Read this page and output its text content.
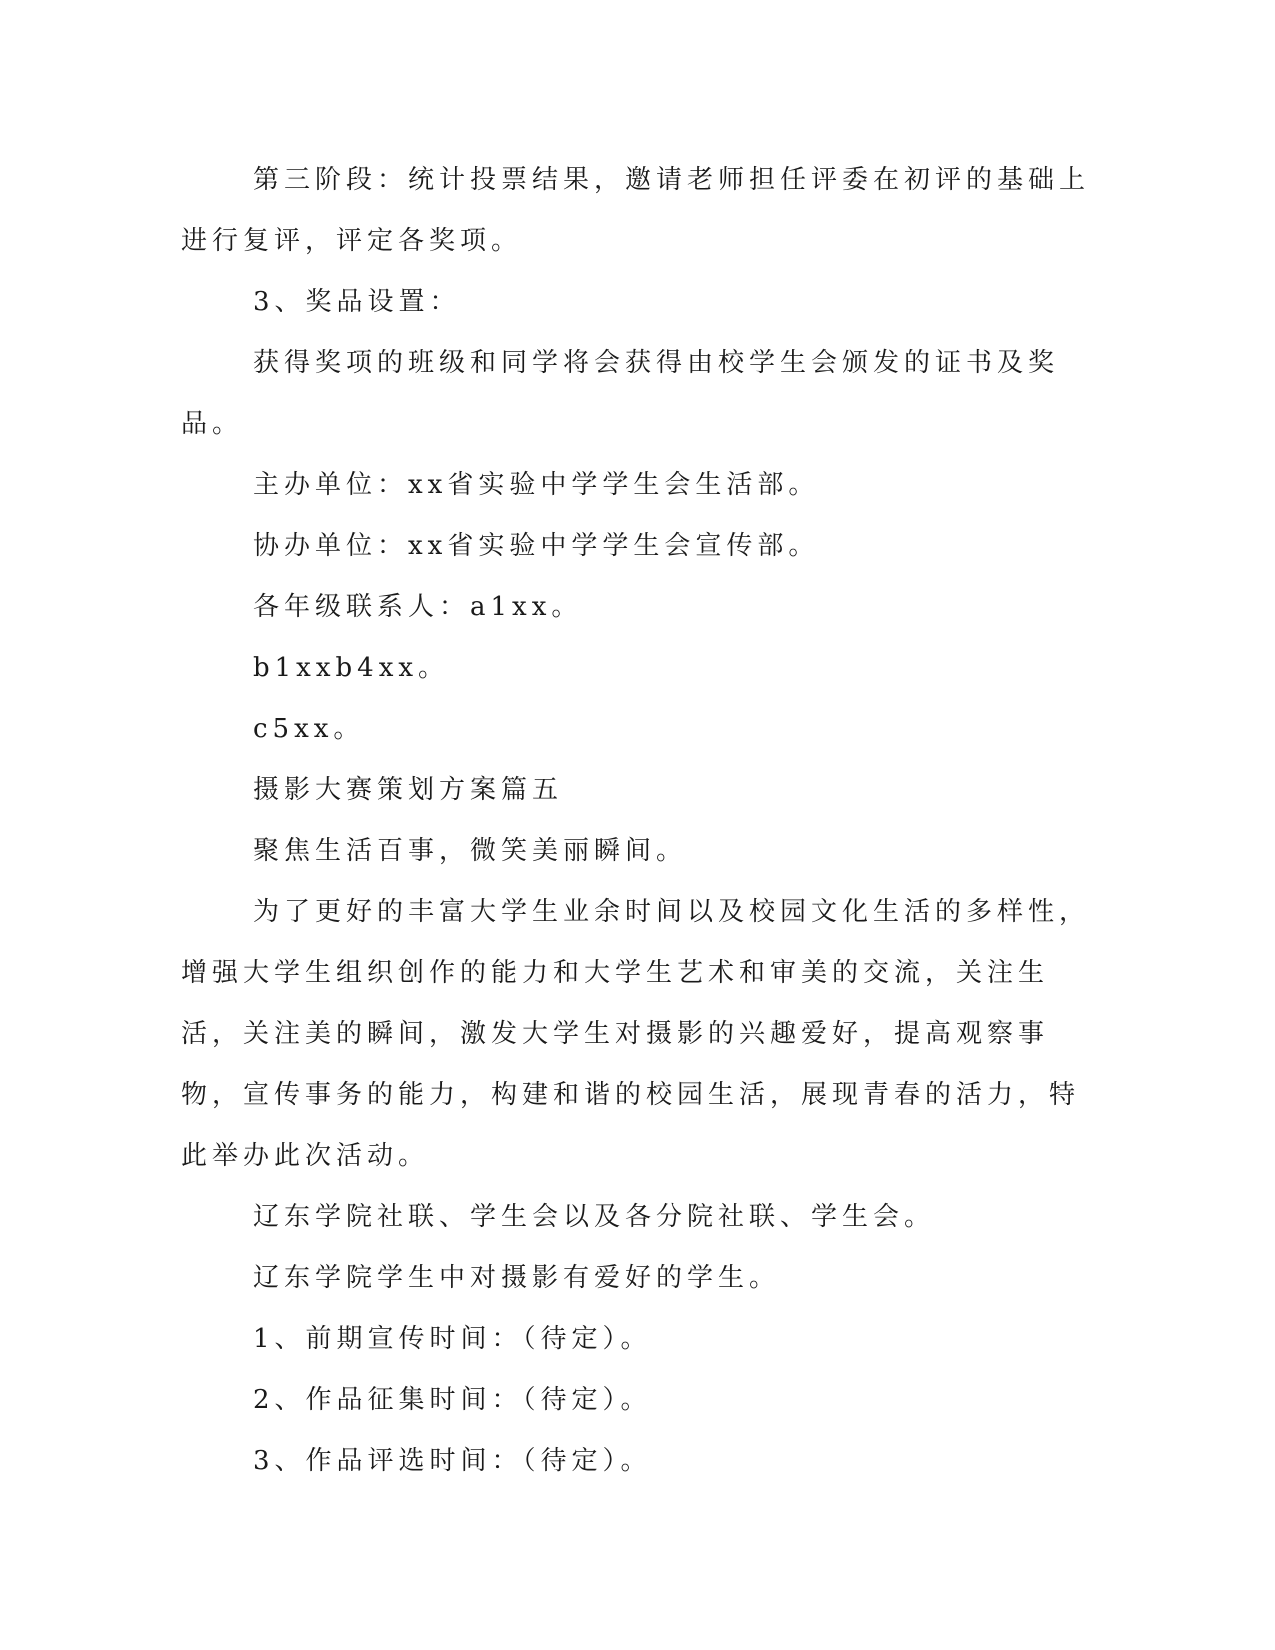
第三阶段：统计投票结果，邀请老师担任评委在初评的基础上进行复评，评定各奖项。

3、奖品设置：

获得奖项的班级和同学将会获得由校学生会颁发的证书及奖品。

主办单位：xx省实验中学学生会生活部。

协办单位：xx省实验中学学生会宣传部。

各年级联系人：a1xx。

b1xxb4xx。

c5xx。

摄影大赛策划方案篇五

聚焦生活百事，微笑美丽瞬间。

为了更好的丰富大学生业余时间以及校园文化生活的多样性，增强大学生组织创作的能力和大学生艺术和审美的交流，关注生活，关注美的瞬间，激发大学生对摄影的兴趣爱好，提高观察事物，宣传事务的能力，构建和谐的校园生活，展现青春的活力，特此举办此次活动。

辽东学院社联、学生会以及各分院社联、学生会。

辽东学院学生中对摄影有爱好的学生。

1、前期宣传时间：（待定）。

2、作品征集时间：（待定）。

3、作品评选时间：（待定）。
